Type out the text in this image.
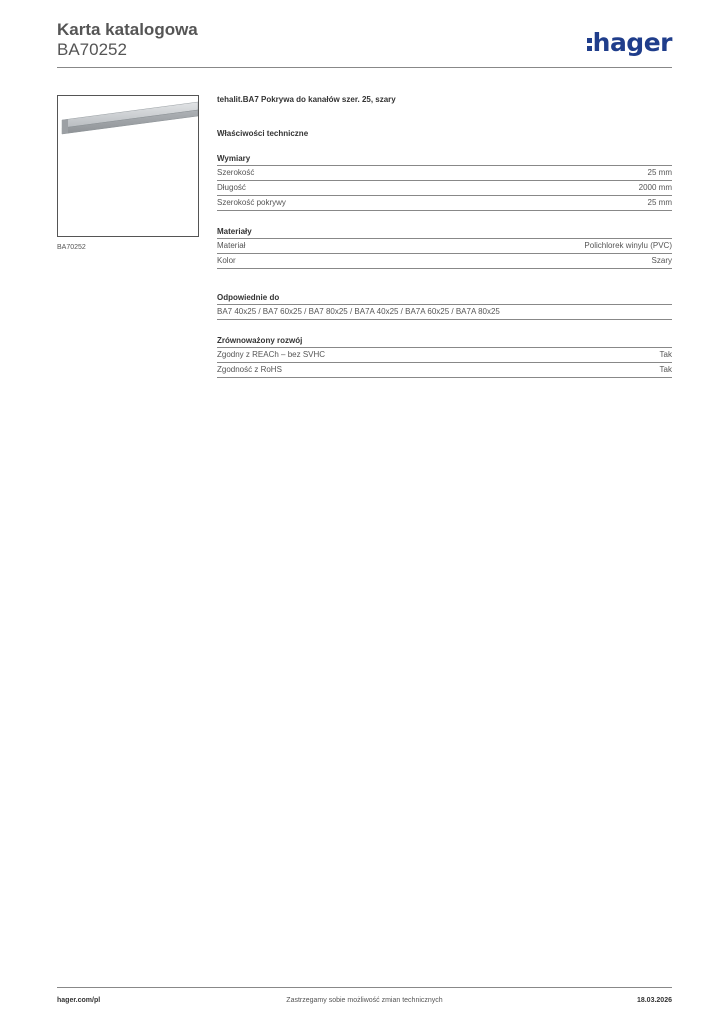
Karta katalogowa
BA70252	hager
BA70252
tehalit.BA7 Pokrywa do kanałów szer. 25, szary
Właściwości techniczne
Wymiary
Szerokość	25 mm
Długość	2000 mm
Szerokość pokrywy	25 mm
Materiały
Materiał	Polichlorek winylu (PVC)
Kolor	Szary
Odpowiednie do
BA7 40x25 / BA7 60x25 / BA7 80x25 / BA7A 40x25 / BA7A 60x25 / BA7A 80x25
Zrównoważony rozwój
Zgodny z REACh – bez SVHC	Tak
Zgodność z RoHS	Tak
hager.com/pl	Zastrzegamy sobie możliwość zmian technicznych	18.03.2026
